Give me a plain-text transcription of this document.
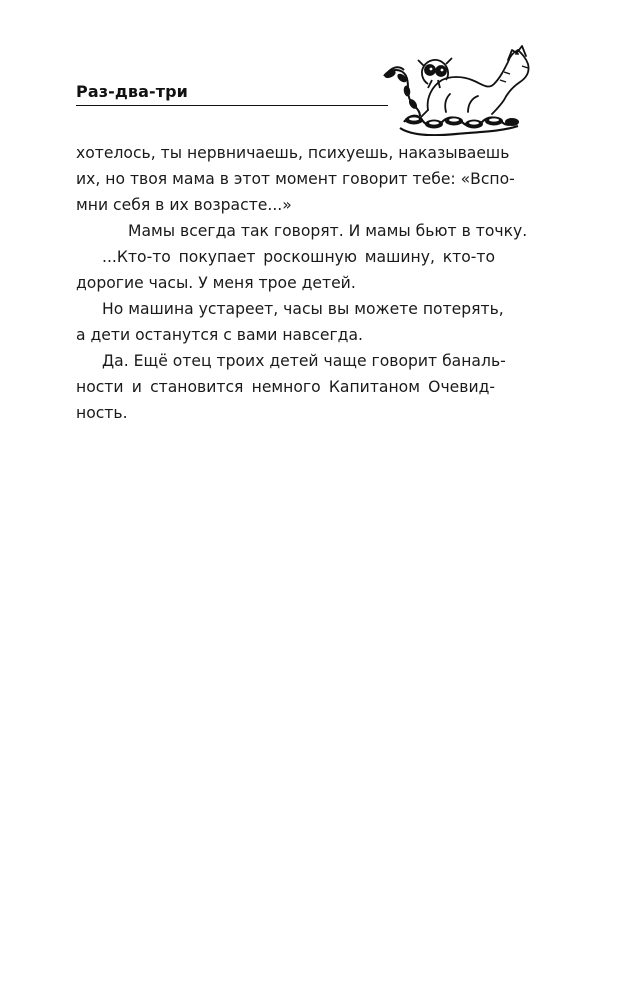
Раз-два-три

хотелось, ты нервничаешь, психуешь, наказываешь
их, но твоя мама в этот момент говорит тебе: «Вспо-
мни себя в их возрасте...»

Мамы всегда так говорят. И мамы бьют в точку.

...Кто-то покупает роскошную машину, кто-то
дорогие часы. У меня трое детей.

Но машина устареет, часы вы можете потерять,
а дети останутся с вами навсегда.

Да. Ещё отец троих детей чаще говорит баналь-
ности и становится немного Капитаном Очевид-
ность.
